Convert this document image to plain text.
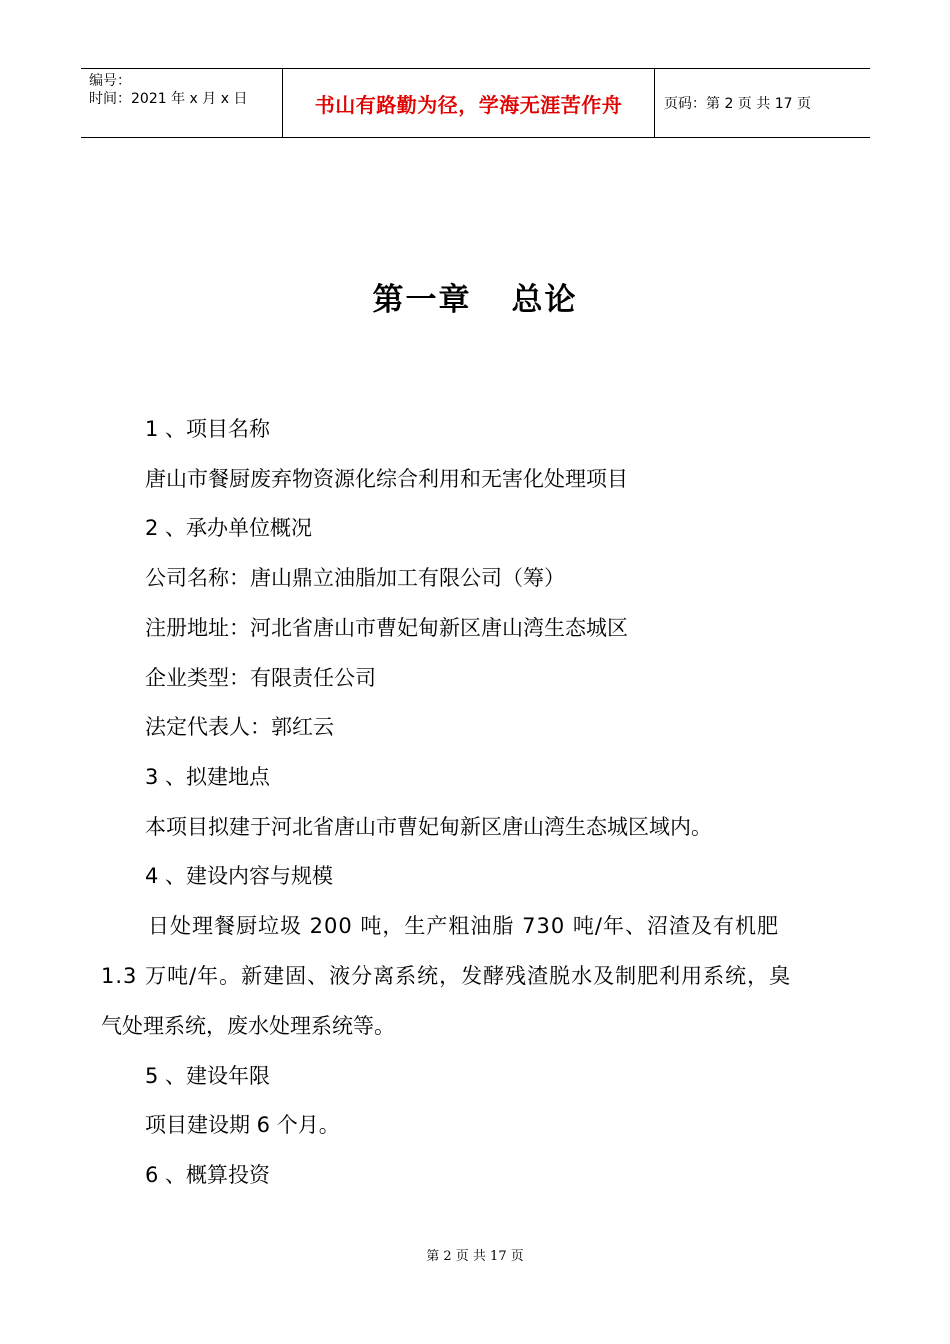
编号：
时间：2021 年 x 月 x 日	书山有路勤为径，学海无涯苦作舟	页码：第 2 页 共 17 页
第一章 总论
1 、项目名称
唐山市餐厨废弃物资源化综合利用和无害化处理项目
2 、承办单位概况
公司名称：唐山鼎立油脂加工有限公司（筹）
注册地址：河北省唐山市曹妃甸新区唐山湾生态城区
企业类型：有限责任公司
法定代表人：郭红云
3 、拟建地点
本项目拟建于河北省唐山市曹妃甸新区唐山湾生态城区域内。
4 、建设内容与规模
日处理餐厨垃圾 200 吨，生产粗油脂 730 吨/年、沼渣及有机肥
1.3 万吨/年。新建固、液分离系统，发酵残渣脱水及制肥利用系统，臭
气处理系统，废水处理系统等。
5 、建设年限
项目建设期 6 个月。
6 、概算投资
第 2 页 共 17 页
